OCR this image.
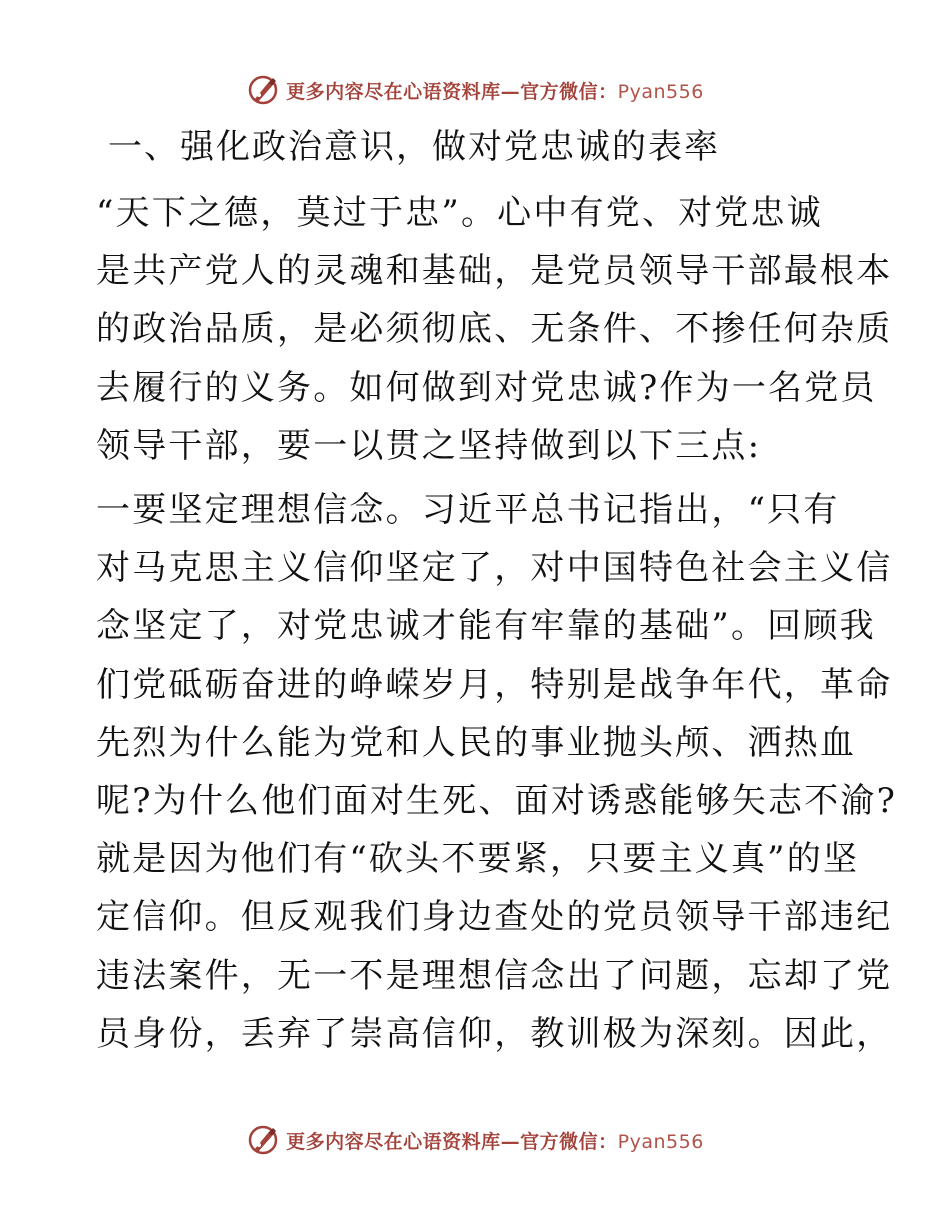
更多内容尽在心语资料库—官方微信：Pyan556
一、强化政治意识，做对党忠诚的表率
“天下之德，莫过于忠”。心中有党、对党忠诚
是共产党人的灵魂和基础，是党员领导干部最根本
的政治品质，是必须彻底、无条件、不掺任何杂质
去履行的义务。如何做到对党忠诚?作为一名党员
领导干部，要一以贯之坚持做到以下三点:
一要坚定理想信念。习近平总书记指出，“只有
对马克思主义信仰坚定了，对中国特色社会主义信
念坚定了，对党忠诚才能有牢靠的基础”。回顾我
们党砥砺奋进的峥嵘岁月，特别是战争年代，革命
先烈为什么能为党和人民的事业抛头颅、洒热血
呢?为什么他们面对生死、面对诱惑能够矢志不渝?
就是因为他们有“砍头不要紧，只要主义真”的坚
定信仰。但反观我们身边查处的党员领导干部违纪
违法案件，无一不是理想信念出了问题，忘却了党
员身份，丢弃了崇高信仰，教训极为深刻。因此，
更多内容尽在心语资料库—官方微信：Pyan556
